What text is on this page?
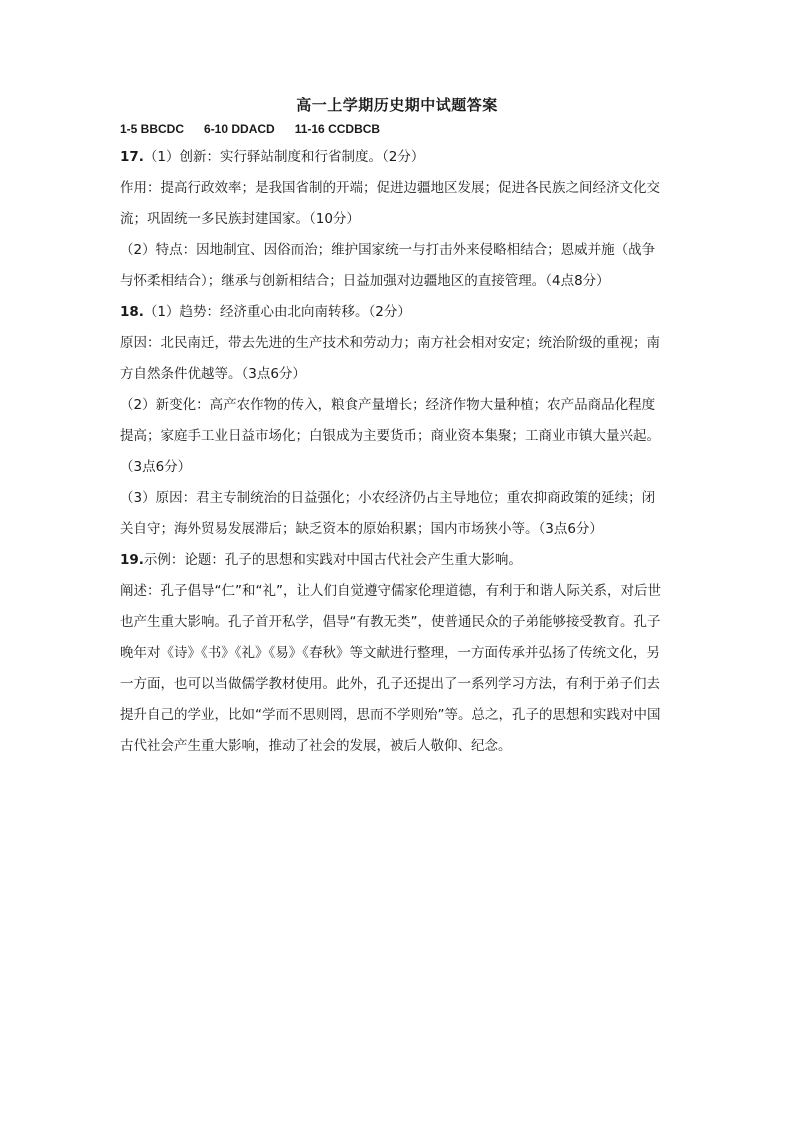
高一上学期历史期中试题答案
1-5 BBCDC 6-10 DDACD 11-16 CCDBCB
17.（1）创新：实行驿站制度和行省制度。（2分）
作用：提高行政效率；是我国省制的开端；促进边疆地区发展；促进各民族之间经济文化交
流；巩固统一多民族封建国家。（10分）
（2）特点：因地制宜、因俗而治；维护国家统一与打击外来侵略相结合；恩威并施（战争
与怀柔相结合）；继承与创新相结合；日益加强对边疆地区的直接管理。（4点8分）
18.（1）趋势：经济重心由北向南转移。（2分）
原因：北民南迁，带去先进的生产技术和劳动力；南方社会相对安定；统治阶级的重视；南
方自然条件优越等。（3点6分）
（2）新变化：高产农作物的传入，粮食产量增长；经济作物大量种植；农产品商品化程度
提高；家庭手工业日益市场化；白银成为主要货币；商业资本集聚；工商业市镇大量兴起。
（3点6分）
（3）原因：君主专制统治的日益强化；小农经济仍占主导地位；重农抑商政策的延续；闭
关自守；海外贸易发展滞后；缺乏资本的原始积累；国内市场狭小等。（3点6分）
19.示例：论题：孔子的思想和实践对中国古代社会产生重大影响。
阐述：孔子倡导“仁”和“礼”，让人们自觉遵守儒家伦理道德，有利于和谐人际关系，对后世
也产生重大影响。孔子首开私学，倡导“有教无类”，使普通民众的子弟能够接受教育。孔子
晚年对《诗》《书》《礼》《易》《春秋》等文献进行整理，一方面传承并弘扬了传统文化，另
一方面，也可以当做儒学教材使用。此外，孔子还提出了一系列学习方法，有利于弟子们去
提升自己的学业，比如“学而不思则罔，思而不学则殆”等。总之，孔子的思想和实践对中国
古代社会产生重大影响，推动了社会的发展，被后人敬仰、纪念。
